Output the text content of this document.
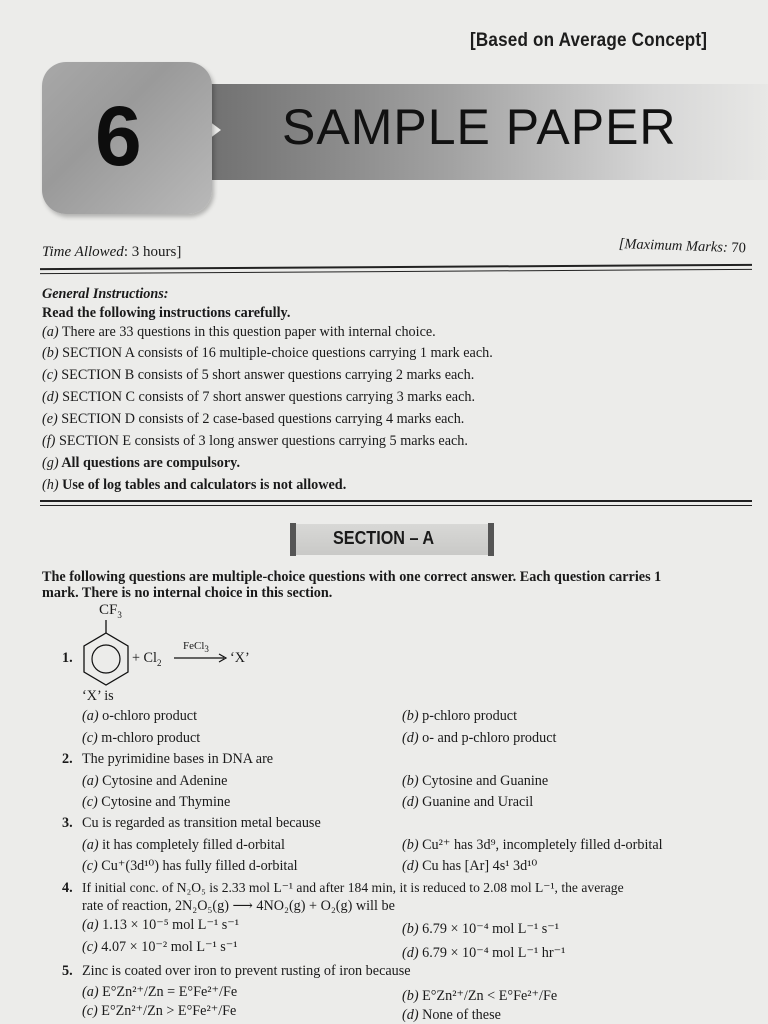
[Based on Average Concept]
SAMPLE PAPER
6
Time Allowed: 3 hours]	[Maximum Marks: 70
General Instructions:
Read the following instructions carefully.
(a) There are 33 questions in this question paper with internal choice.
(b) SECTION A consists of 16 multiple-choice questions carrying 1 mark each.
(c) SECTION B consists of 5 short answer questions carrying 2 marks each.
(d) SECTION C consists of 7 short answer questions carrying 3 marks each.
(e) SECTION D consists of 2 case-based questions carrying 4 marks each.
(f) SECTION E consists of 3 long answer questions carrying 5 marks each.
(g) All questions are compulsory.
(h) Use of log tables and calculators is not allowed.
SECTION – A
The following questions are multiple-choice questions with one correct answer. Each question carries 1
mark. There is no internal choice in this section.
1.
$CF_3$
+ $Cl_2$
FeCl$_3$
→ ‘X’
‘X’ is
(a) o-chloro product	(b) p-chloro product
(c) m-chloro product	(d) o- and p-chloro product
2. The pyrimidine bases in DNA are
(a) Cytosine and Adenine	(b) Cytosine and Guanine
(c) Cytosine and Thymine	(d) Guanine and Uracil
3. Cu is regarded as transition metal because
(a) it has completely filled d-orbital	(b) Cu²⁺ has 3d⁹, incompletely filled d-orbital
(c) Cu⁺(3d¹⁰) has fully filled d-orbital	(d) Cu has [Ar] 4s¹ 3d¹⁰
4. If initial conc. of N₂O₅ is 2.33 mol L⁻¹ and after 184 min, it is reduced to 2.08 mol L⁻¹, the average
rate of reaction, 2N₂O₅(g) ⟶ 4NO₂(g) + O₂(g) will be
(a) 1.13 × 10⁻⁵ mol L⁻¹ s⁻¹	(b) 6.79 × 10⁻⁴ mol L⁻¹ s⁻¹
(c) 4.07 × 10⁻² mol L⁻¹ s⁻¹	(d) 6.79 × 10⁻⁴ mol L⁻¹ hr⁻¹
5. Zinc is coated over iron to prevent rusting of iron because
(a) E°Zn²⁺/Zn = E°Fe²⁺/Fe	(b) E°Zn²⁺/Zn < E°Fe²⁺/Fe
(c) E°Zn²⁺/Zn > E°Fe²⁺/Fe	(d) None of these
